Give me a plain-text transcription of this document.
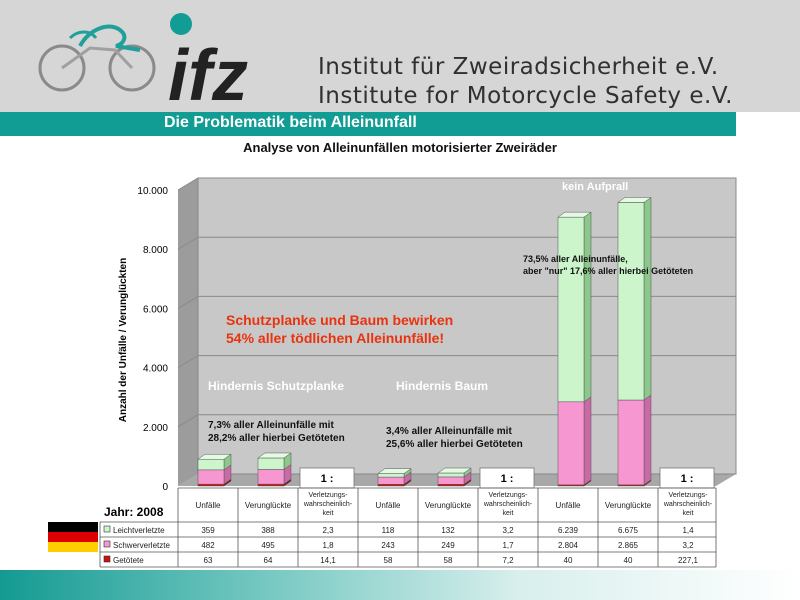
ifz	Institut für Zweiradsicherheit e.V.
Institute for Motorcycle Safety e.V.
Die Problematik beim Alleinunfall
Analyse von Alleinunfällen motorisierter Zweiräder
0
2.000
4.000
6.000
8.000
10.000
Anzahl der Unfälle / Verunglückten
1 :	1 :	1 :
Hindernis Schutzplanke	Hindernis Baum
kein Aufprall
7,3% aller Alleinunfälle mit
28,2% aller hierbei Getöteten
3,4% aller Alleinunfälle mit
25,6% aller hierbei Getöteten
73,5% aller Alleinunfälle,
aber "nur" 17,6% aller hierbei Getöteten
Schutzplanke und Baum bewirken
54% aller tödlichen Alleinunfälle!
Unfälle	Verunglückte
Verletzungs-
wahrscheinlich-
keit
Unfälle	Verunglückte
Verletzungs-
wahrscheinlich-
keit
Unfälle	Verunglückte
Verletzungs-
wahrscheinlich-
keit
Leichtverletzte	359	388	2,3	118	132	3,2	6.239	6.675	1,4
Schwerverletzte	482	495	1,8	243	249	1,7	2.804	2.865	3,2
Getötete	63	64	14,1	58	58	7,2	40	40	227,1
Jahr: 2008
